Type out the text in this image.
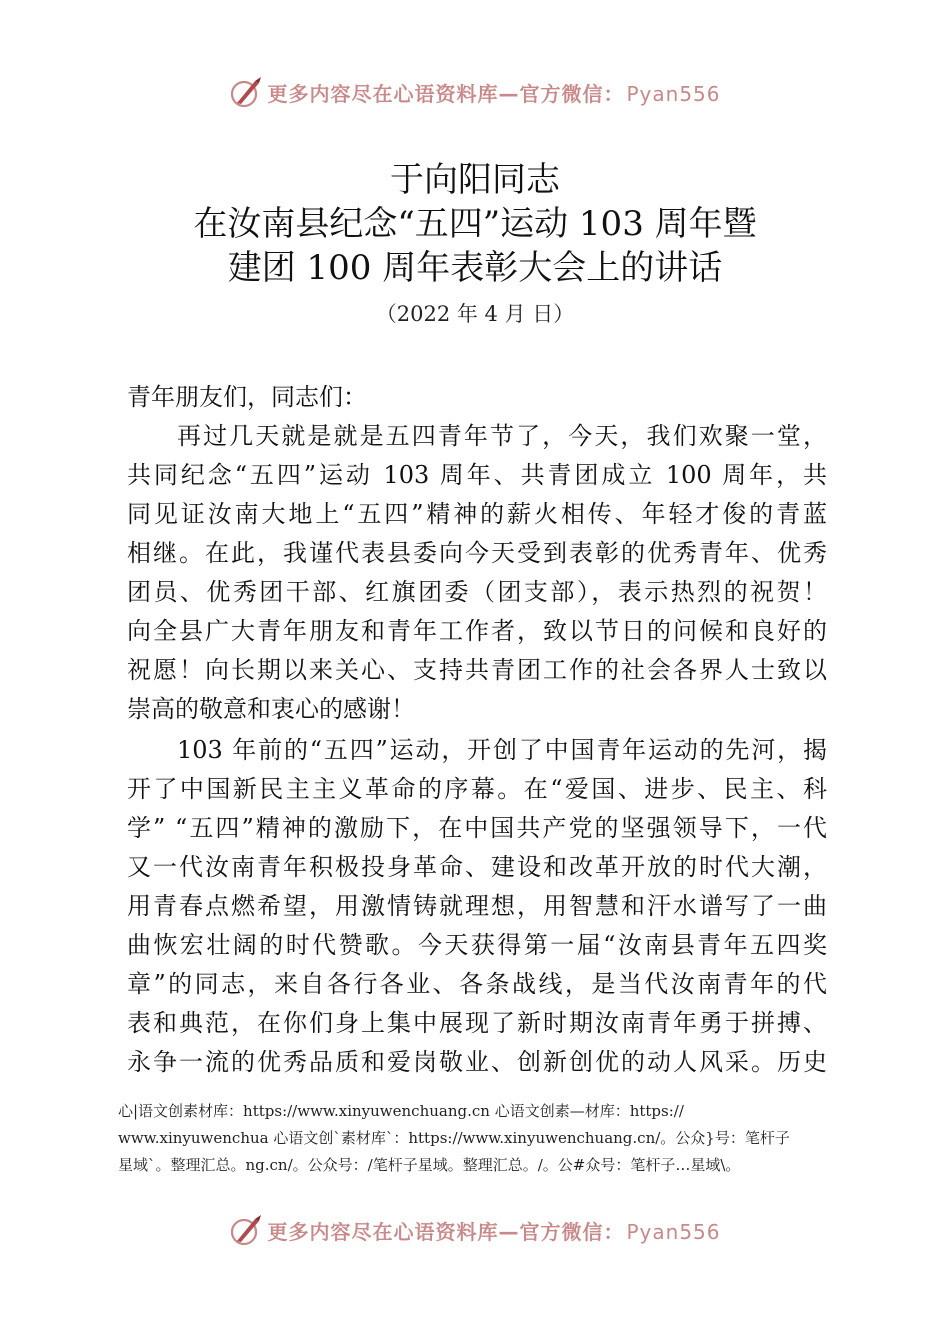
更多内容尽在心语资料库—官方微信： Pyan556
于向阳同志
在汝南县纪念“五四”运动 103 周年暨
建团 100 周年表彰大会上的讲话
（2022 年 4 月 日）
青年朋友们，同志们：
再过几天就是就是五四青年节了，今天，我们欢聚一堂，
共同纪念“五四”运动 103 周年、共青团成立 100 周年，共
同见证汝南大地上“五四”精神的薪火相传、年轻才俊的青蓝
相继。在此，我谨代表县委向今天受到表彰的优秀青年、优秀
团员、优秀团干部、红旗团委（团支部），表示热烈的祝贺！
向全县广大青年朋友和青年工作者，致以节日的问候和良好的
祝愿！向长期以来关心、支持共青团工作的社会各界人士致以
崇高的敬意和衷心的感谢！
103 年前的“五四”运动，开创了中国青年运动的先河，揭
开了中国新民主主义革命的序幕。在“爱国、进步、民主、科
学” “五四”精神的激励下，在中国共产党的坚强领导下，一代
又一代汝南青年积极投身革命、建设和改革开放的时代大潮，
用青春点燃希望，用激情铸就理想，用智慧和汗水谱写了一曲
曲恢宏壮阔的时代赞歌。今天获得第一届“汝南县青年五四奖
章”的同志，来自各行各业、各条战线，是当代汝南青年的代
表和典范，在你们身上集中展现了新时期汝南青年勇于拼搏、
永争一流的优秀品质和爱岗敬业、创新创优的动人风采。历史
心|语文创素材库：https://www.xinyuwenchuang.cn 心语文创素—材库：https://
www.xinyuwenchua 心语文创`素材库`：https://www.xinyuwenchuang.cn/。公众}号：笔杆子
星域`。整理汇总。ng.cn/。公众号：/笔杆子星域。整理汇总。/。公#众号：笔杆子…星域\。
更多内容尽在心语资料库—官方微信： Pyan556
